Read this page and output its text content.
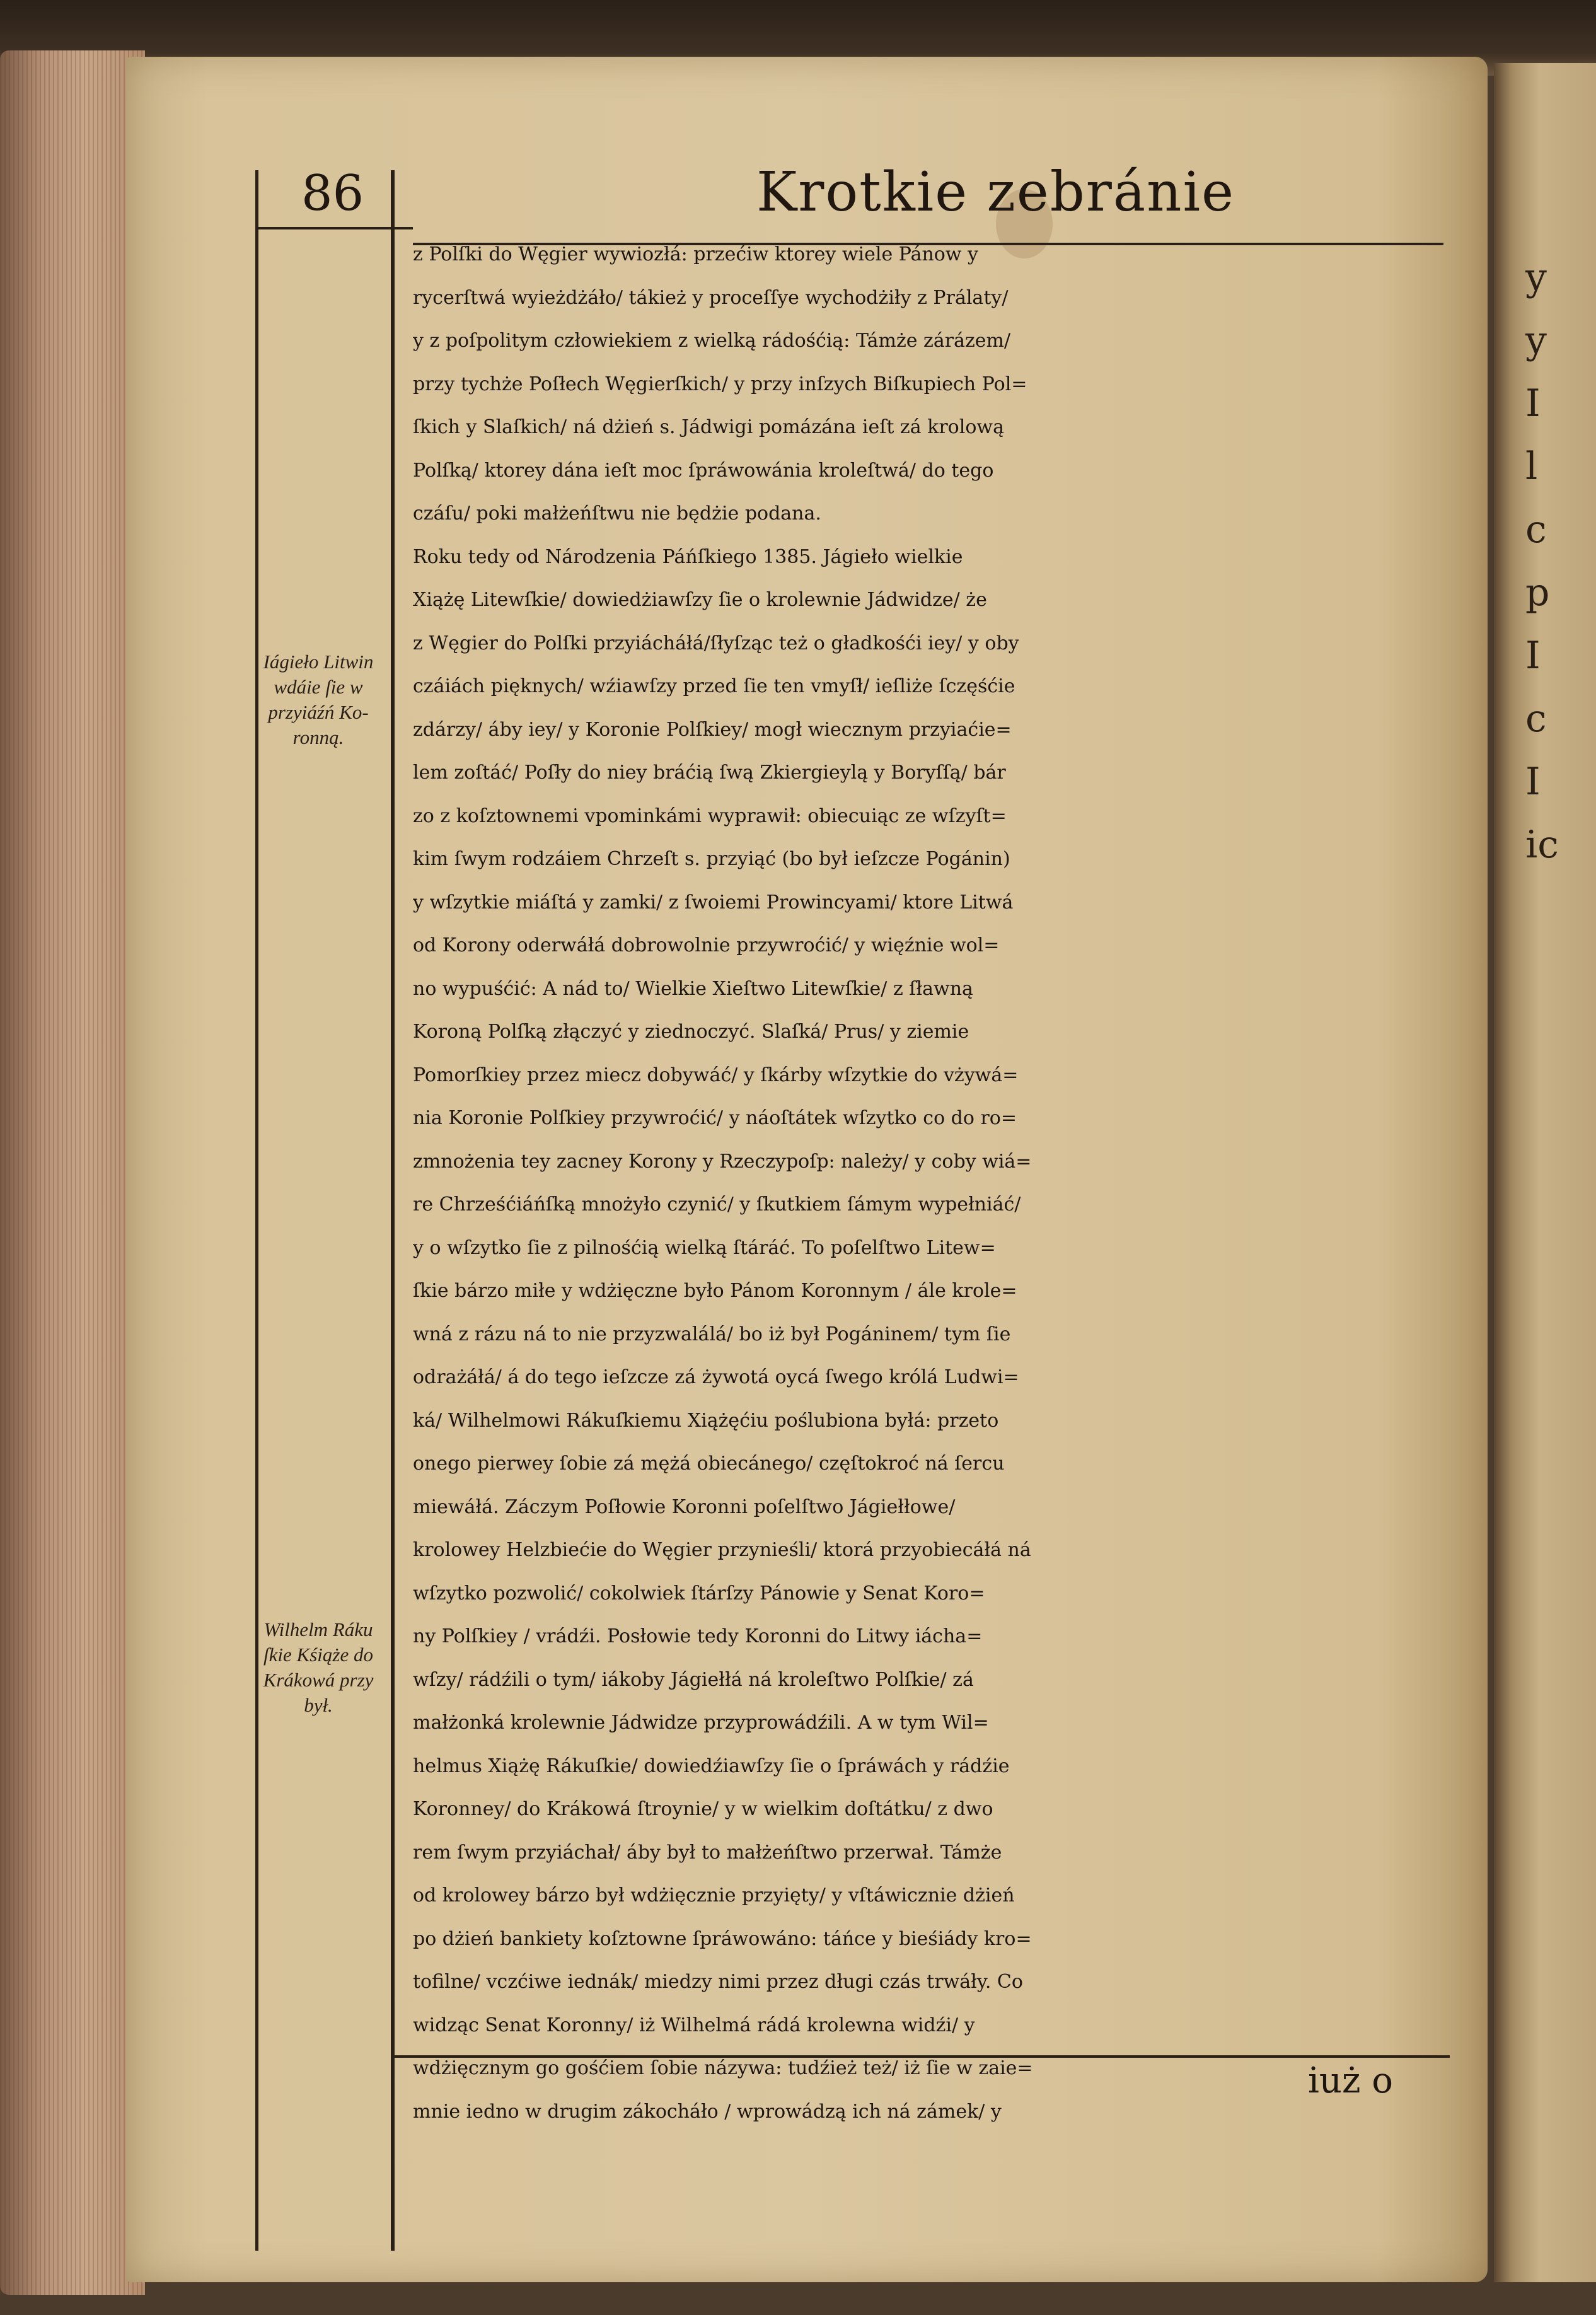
y
y
I
l
c
p
I
c
I
ic
86	Krotkie zebránie
z Polſki do Węgier wywiozłá: przećiw ktorey wiele Pánow y
rycerſtwá wyieżdżáło/ tákież y proceſſye wychodżiły z Prálaty/
y z poſpolitym człowiekiem z wielką rádośćią: Támże zárázem/
przy tychże Poſłech Węgierſkich/ y przy inſzych Biſkupiech Pol=
ſkich y Slaſkich/ ná dżień s. Jádwigi pomázána ieſt zá krolową
Polſką/ ktorey dána ieſt moc ſpráwowánia kroleſtwá/ do tego
czáſu/ poki małżeńſtwu nie będżie podana.
Roku tedy od Národzenia Páńſkiego 1385. Jágieło wielkie
Xiążę Litewſkie/ dowiedżiawſzy ſie o krolewnie Jádwidze/ że
z Węgier do Polſki przyiácháłá/ſłyſząc też o gładkośći iey/ y oby
czáiách pięknych/ wźiawſzy przed ſie ten vmyſł/ ieſliże ſczęśćie
zdárzy/ áby iey/ y Koronie Polſkiey/ mogł wiecznym przyiaćie=
lem zoſtáć/ Poſły do niey bráćią ſwą Zkiergieylą y Boryſſą/ bár
zo z koſztownemi vpominkámi wyprawił: obiecuiąc ze wſzyſt=
kim ſwym rodzáiem Chrzeſt s. przyiąć (bo był ieſzcze Pogánin)
y wſzytkie miáſtá y zamki/ z ſwoiemi Prowincyami/ ktore Litwá
od Korony oderwáłá dobrowolnie przywroćić/ y więźnie wol=
no wypuśćić: A nád to/ Wielkie Xieſtwo Litewſkie/ z ſławną
Koroną Polſką złączyć y ziednoczyć. Slaſká/ Prus/ y ziemie
Pomorſkiey przez miecz dobywáć/ y ſkárby wſzytkie do vżywá=
nia Koronie Polſkiey przywroćić/ y náoſtátek wſzytko co do ro=
zmnożenia tey zacney Korony y Rzeczypoſp: należy/ y coby wiá=
re Chrześćiáńſką mnożyło czynić/ y ſkutkiem ſámym wypełniáć/
y o wſzytko ſie z pilnośćią wielką ſtáráć. To poſelſtwo Litew=
ſkie bárzo miłe y wdżięczne było Pánom Koronnym / ále krole=
wná z rázu ná to nie przyzwalálá/ bo iż był Pogáninem/ tym ſie
odrażáłá/ á do tego ieſzcze zá żywotá oycá ſwego królá Ludwi=
ká/ Wilhelmowi Rákuſkiemu Xiążęćiu poślubiona byłá: przeto
onego pierwey ſobie zá mężá obiecánego/ częſtokroć ná ſercu
miewáłá. Záczym Poſłowie Koronni poſelſtwo Jágiełłowe/
krolowey Helzbiećie do Węgier przynieśli/ ktorá przyobiecáłá ná
wſzytko pozwolić/ cokolwiek ſtárſzy Pánowie y Senat Koro=
ny Polſkiey / vrádźi. Posłowie tedy Koronni do Litwy iácha=
wſzy/ rádźili o tym/ iákoby Jágiełłá ná kroleſtwo Polſkie/ zá
małżonká krolewnie Jádwidze przyprowádźili. A w tym Wil=
helmus Xiążę Rákuſkie/ dowiedźiawſzy ſie o ſpráwách y rádźie
Koronney/ do Krákowá ſtroynie/ y w wielkim doſtátku/ z dwo
rem ſwym przyiáchał/ áby był to małżeńſtwo przerwał. Támże
od krolowey bárzo był wdżięcznie przyięty/ y vſtáwicznie dżień
po dżień bankiety koſztowne ſpráwowáno: táńce y bieśiády kro=
tofilne/ vczćiwe iednák/ miedzy nimi przez długi czás trwáły. Co
widząc Senat Koronny/ iż Wilhelmá rádá krolewna widźi/ y
wdżięcznym go gośćiem ſobie názywa: tudźież też/ iż ſie w zaie=
mnie iedno w drugim zákocháło / wprowádzą ich ná zámek/ y
Iágieło Litwin wdáie ſie w przyiáźń Ko- ronną.
Wilhelm Ráku ſkie Kśiąże do Krákowá przy był.
iuż o
